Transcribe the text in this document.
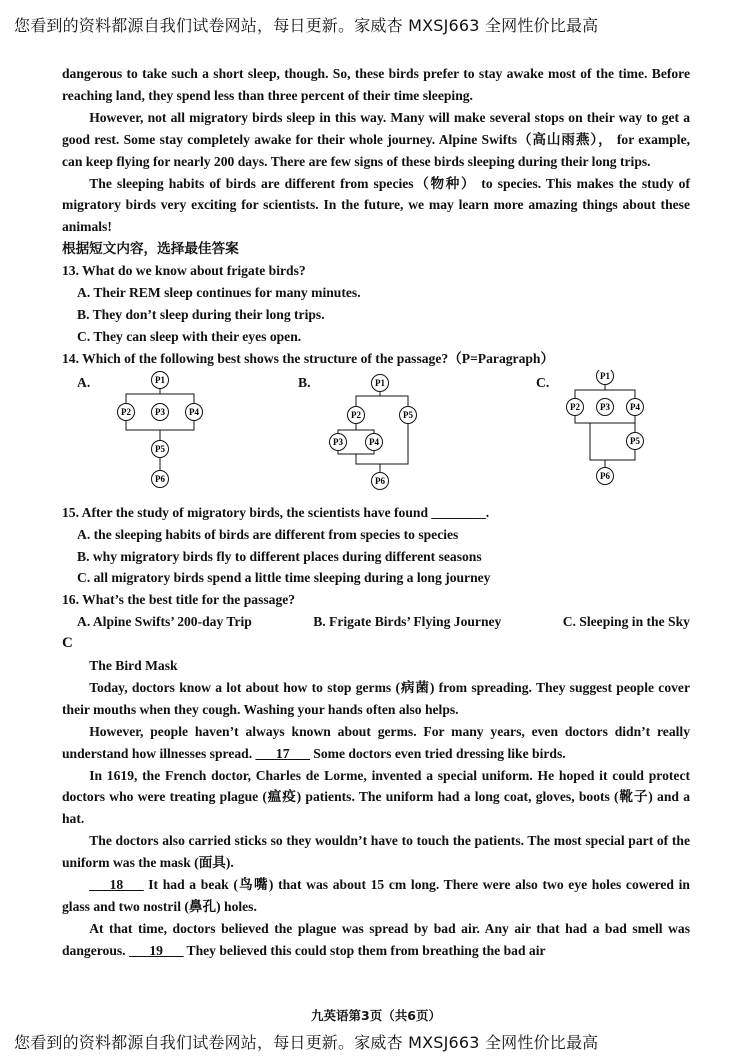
您看到的资料都源自我们试卷网站，每日更新。家威杏 MXSJ663 全网性价比最高

dangerous to take such a short sleep, though. So, these birds prefer to stay awake most of the time. Before reaching land, they spend less than three percent of their time sleeping.

However, not all migratory birds sleep in this way. Many will make several stops on their way to get a good rest. Some stay completely awake for their whole journey. Alpine Swifts（高山雨燕）， for example, can keep flying for nearly 200 days. There are few signs of these birds sleeping during their long trips.

The sleeping habits of birds are different from species（物种） to species. This makes the study of migratory birds very exciting for scientists. In the future, we may learn more amazing things about these animals!

根据短文内容，选择最佳答案

13. What do we know about frigate birds?

A. Their REM sleep continues for many minutes.

B. They don’t sleep during their long trips.

C. They can sleep with their eyes open.

14. Which of the following best shows the structure of the passage?（P=Paragraph）

A.	B.	C.
P1
P2	P3	P4
P5
P6
P1
P2
P3	P4
P5
P6
P1
P2 P3 P4
P5
P6

15. After the study of migratory birds, the scientists have found ________.

A. the sleeping habits of birds are different from species to species

B. why migratory birds fly to different places during different seasons

C. all migratory birds spend a little time sleeping during a long journey

16. What’s the best title for the passage?

A. Alpine Swifts’ 200-day Trip	B. Frigate Birds’ Flying Journey	C. Sleeping in the Sky

C

The Bird Mask

Today, doctors know a lot about how to stop germs (病菌) from spreading. They suggest people cover their mouths when they cough. Washing your hands often also helps.

However, people haven’t always known about germs. For many years, even doctors didn’t really understand how illnesses spread. ___17___ Some doctors even tried dressing like birds.

In 1619, the French doctor, Charles de Lorme, invented a special uniform. He hoped it could protect doctors who were treating plague (瘟疫) patients. The uniform had a long coat, gloves, boots (靴子) and a hat.

The doctors also carried sticks so they wouldn’t have to touch the patients. The most special part of the uniform was the mask (面具).

___18___ It had a beak (鸟嘴) that was about 15 cm long. There were also two eye holes cowered in glass and two nostril (鼻孔) holes.

At that time, doctors believed the plague was spread by bad air. Any air that had a bad smell was dangerous. ___19___ They believed this could stop them from breathing the bad air

九英语第3页（共6页）
您看到的资料都源自我们试卷网站，每日更新。家威杏 MXSJ663 全网性价比最高
